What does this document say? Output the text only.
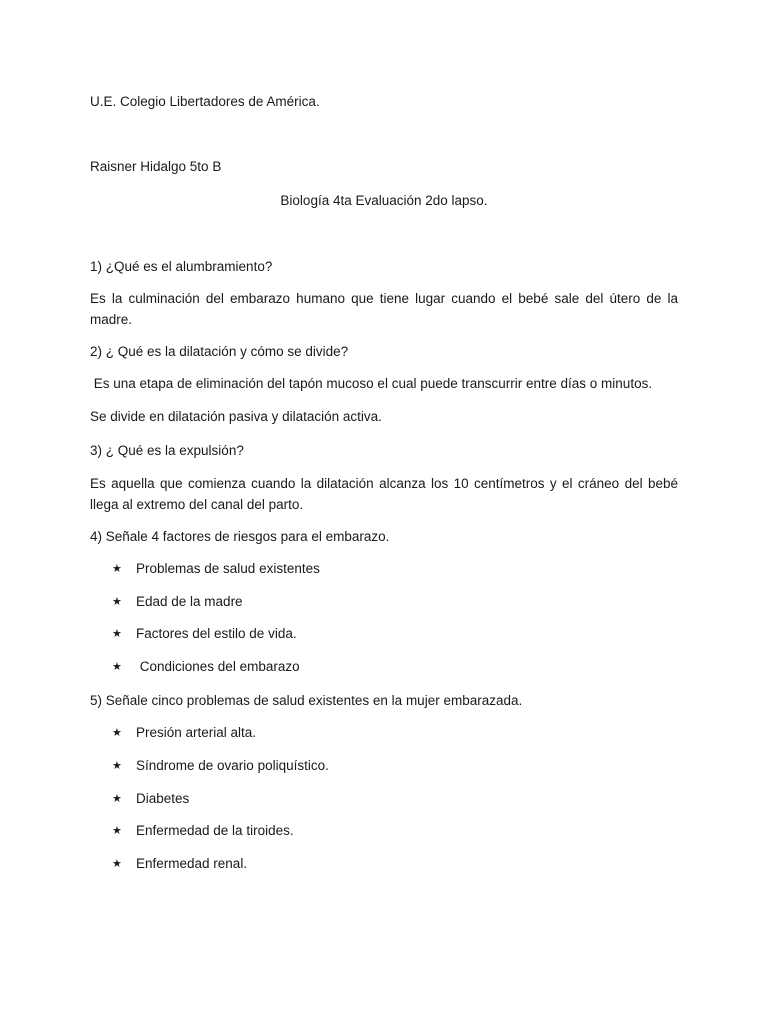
U.E. Colegio Libertadores de América.

Raisner Hidalgo 5to B

Biología 4ta Evaluación 2do lapso.

1) ¿Qué es el alumbramiento?

Es la culminación del embarazo humano que tiene lugar cuando el bebé sale del útero de la madre.

2) ¿ Qué es la dilatación y cómo se divide?

Es una etapa de eliminación del tapón mucoso el cual puede transcurrir entre días o minutos.

Se divide en dilatación pasiva y dilatación activa.

3) ¿ Qué es la expulsión?

Es aquella que comienza cuando la dilatación alcanza los 10 centímetros y el cráneo del bebé llega al extremo del canal del parto.

4) Señale 4 factores de riesgos para el embarazo.

★	Problemas de salud existentes
★	Edad de la madre
★	Factores del estilo de vida.
★	Condiciones del embarazo

5) Señale cinco problemas de salud existentes en la mujer embarazada.

★	Presión arterial alta.
★	Síndrome de ovario poliquístico.
★	Diabetes
★	Enfermedad de la tiroides.
★	Enfermedad renal.
